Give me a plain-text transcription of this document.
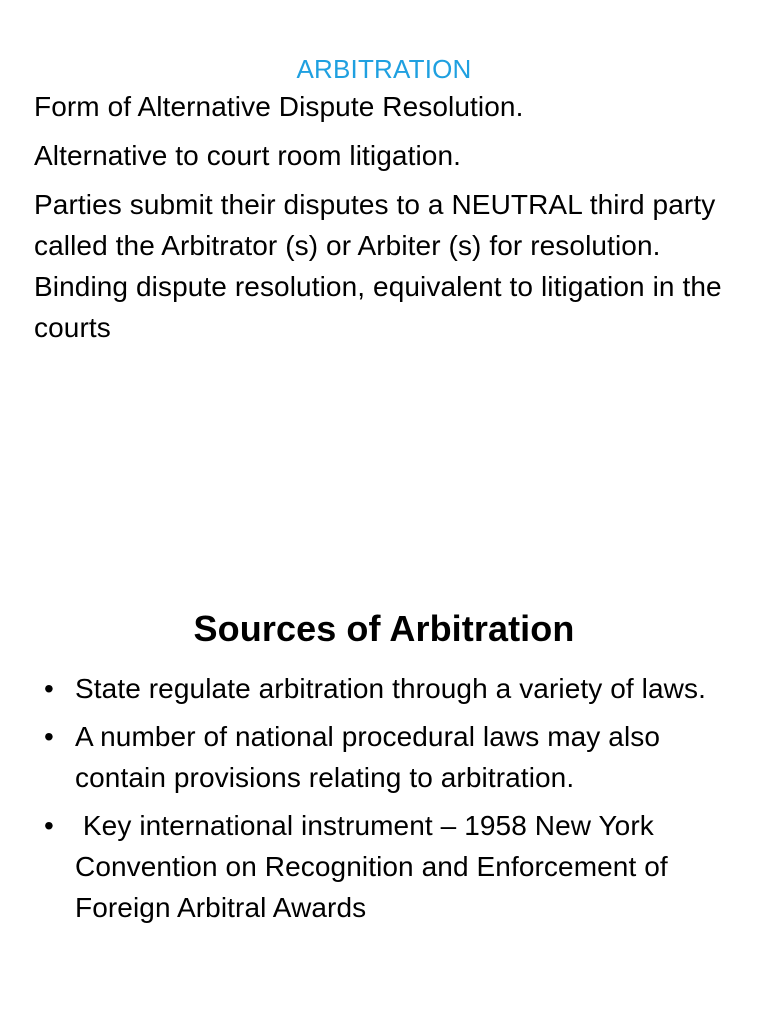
ARBITRATION

Form of Alternative Dispute Resolution.

Alternative to court room litigation.

Parties submit their disputes to a NEUTRAL third party called the Arbitrator (s) or Arbiter (s) for resolution. Binding dispute resolution, equivalent to litigation in the courts

Sources of Arbitration
• State regulate arbitration through a variety of laws.
• A number of national procedural laws may also contain provisions relating to arbitration.
• Key international instrument – 1958 New York Convention on Recognition and Enforcement of Foreign Arbitral Awards
